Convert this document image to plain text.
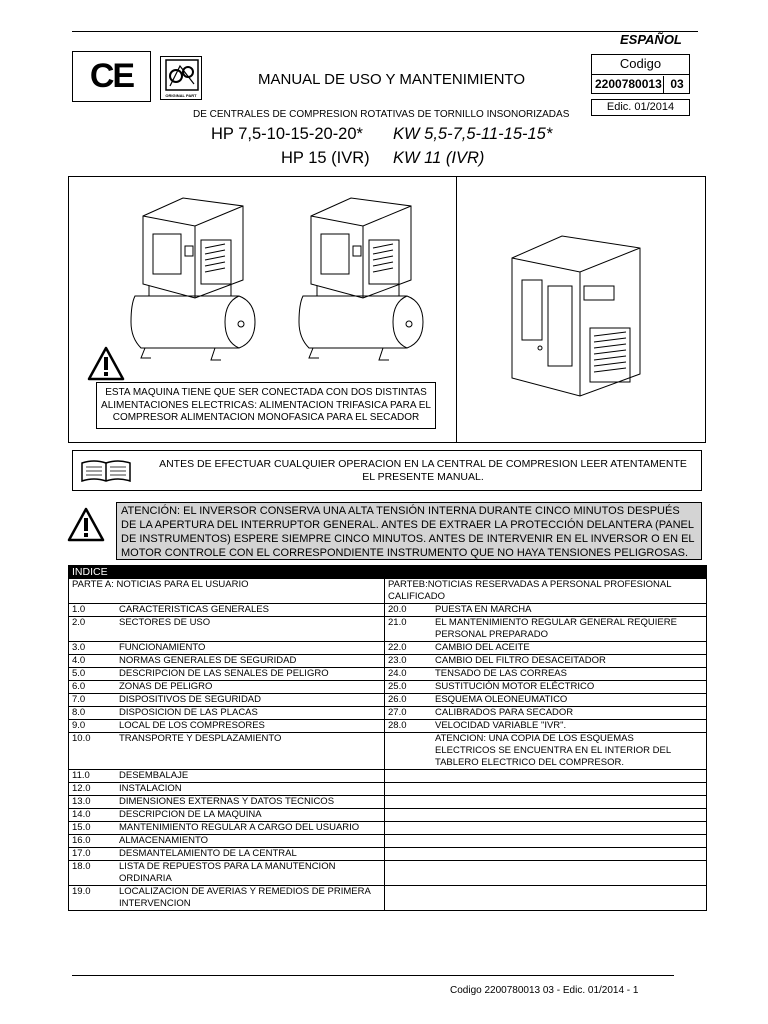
ESPAÑOL
CE
ORIGINAL PART
MANUAL DE USO Y MANTENIMIENTO
Codigo
2200780013 03
Edic. 01/2014
DE CENTRALES DE COMPRESION ROTATIVAS DE TORNILLO INSONORIZADAS
HP 7,5-10-15-20-20*
HP 15 (IVR)
KW 5,5-7,5-11-15-15*
KW 11 (IVR)
ESTA MAQUINA TIENE QUE SER CONECTADA CON DOS DISTINTAS ALIMENTACIONES ELECTRICAS: ALIMENTACION TRIFASICA PARA EL COMPRESOR ALIMENTACION MONOFASICA PARA EL SECADOR
ANTES DE EFECTUAR CUALQUIER OPERACION EN LA CENTRAL DE COMPRESION LEER ATENTAMENTE EL PRESENTE MANUAL.
ATENCIÓN: EL INVERSOR CONSERVA UNA ALTA TENSIÓN INTERNA DURANTE CINCO MINUTOS DESPUÉS DE LA APERTURA DEL INTERRUPTOR GENERAL. ANTES DE EXTRAER LA PROTECCIÓN DELANTERA (PANEL DE INSTRUMENTOS) ESPERE SIEMPRE CINCO MINUTOS. ANTES DE INTERVENIR EN EL INVERSOR O EN EL MOTOR CONTROLE CON EL CORRESPONDIENTE INSTRUMENTO QUE NO HAYA TENSIONES PELIGROSAS.
INDICE	
PARTE A: NOTICIAS PARA EL USUARIO	PARTEB:NOTICIAS RESERVADAS A PERSONAL PROFESIONAL CALIFICADO

1.0 CARACTERISTICAS GENERALES	20.0 PUESTA EN MARCHA
2.0 SECTORES DE USO	21.0 EL MANTENIMIENTO REGULAR GENERAL REQUIERE PERSONAL PREPARADO
3.0 FUNCIONAMIENTO	22.0 CAMBIO DEL ACEITE
4.0 NORMAS GENERALES DE SEGURIDAD	23.0 CAMBIO DEL FILTRO DESACEITADOR
5.0 DESCRIPCION DE LAS SENALES DE PELIGRO	24.0 TENSADO DE LAS CORREAS
6.0 ZONAS DE PELIGRO	25.0 SUSTITUCIÓN MOTOR ELÉCTRICO
7.0 DISPOSITIVOS DE SEGURIDAD	26.0 ESQUEMA OLEONEUMATICO
8.0 DISPOSICION DE LAS PLACAS	27.0 CALIBRADOS PARA SECADOR
9.0 LOCAL DE LOS COMPRESORES	28.0 VELOCIDAD VARIABLE "IVR".
10.0 TRANSPORTE Y DESPLAZAMIENTO	ATENCION: UNA COPIA DE LOS ESQUEMAS ELECTRICOS SE ENCUENTRA EN EL INTERIOR DEL TABLERO ELECTRICO DEL COMPRESOR.
11.0 DESEMBALAJE	
12.0 INSTALACION	
13.0 DIMENSIONES EXTERNAS Y DATOS TECNICOS	
14.0 DESCRIPCION DE LA MAQUINA	
15.0 MANTENIMIENTO REGULAR A CARGO DEL USUARIO	
16.0 ALMACENAMIENTO	
17.0 DESMANTELAMIENTO DE LA CENTRAL	
18.0 LISTA DE REPUESTOS PARA LA MANUTENCION ORDINARIA	
19.0 LOCALIZACION DE AVERIAS Y REMEDIOS DE PRIMERA INTERVENCION	
Codigo 2200780013 03 - Edic. 01/2014 - 1
